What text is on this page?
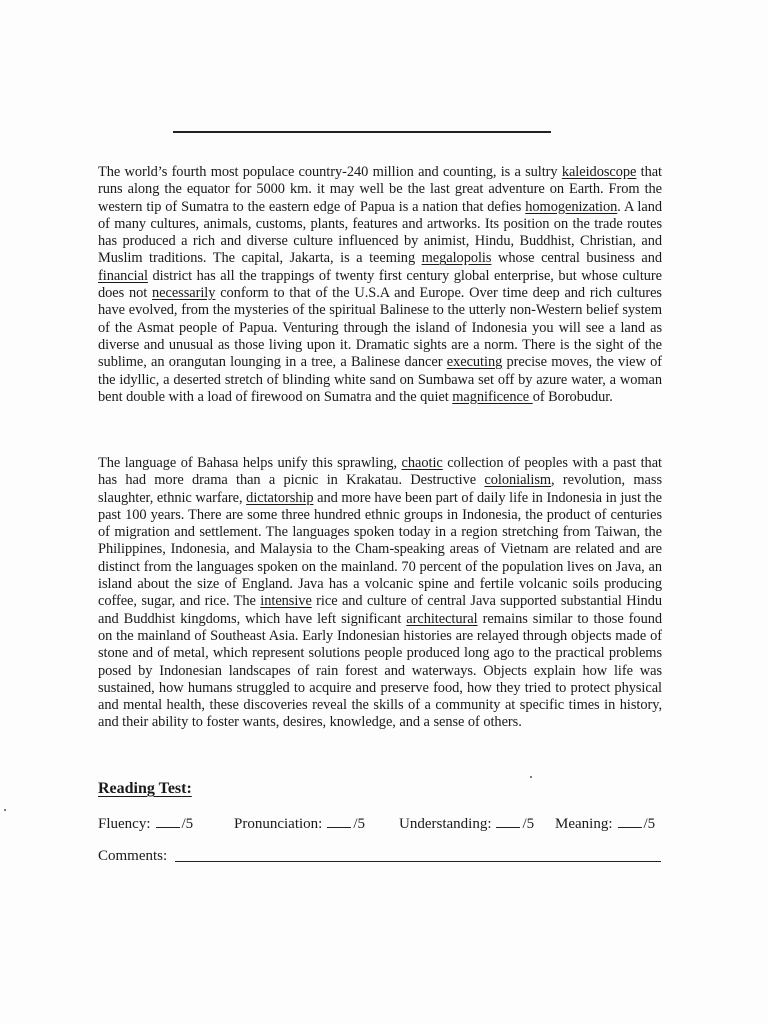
The world’s fourth most populace country-240 million and counting, is a sultry kaleidoscope that runs along the equator for 5000 km. it may well be the last great adventure on Earth. From the western tip of Sumatra to the eastern edge of Papua is a nation that defies homogenization. A land of many cultures, animals, customs, plants, features and artworks. Its position on the trade routes has produced a rich and diverse culture influenced by animist, Hindu, Buddhist, Christian, and Muslim traditions. The capital, Jakarta, is a teeming megalopolis whose central business and financial district has all the trappings of twenty first century global enterprise, but whose culture does not necessarily conform to that of the U.S.A and Europe. Over time deep and rich cultures have evolved, from the mysteries of the spiritual Balinese to the utterly non-Western belief system of the Asmat people of Papua. Venturing through the island of Indonesia you will see a land as diverse and unusual as those living upon it. Dramatic sights are a norm. There is the sight of the sublime, an orangutan lounging in a tree, a Balinese dancer executing precise moves, the view of the idyllic, a deserted stretch of blinding white sand on Sumbawa set off by azure water, a woman bent double with a load of firewood on Sumatra and the quiet magnificence of Borobudur.
The language of Bahasa helps unify this sprawling, chaotic collection of peoples with a past that has had more drama than a picnic in Krakatau. Destructive colonialism, revolution, mass slaughter, ethnic warfare, dictatorship and more have been part of daily life in Indonesia in just the past 100 years. There are some three hundred ethnic groups in Indonesia, the product of centuries of migration and settlement. The languages spoken today in a region stretching from Taiwan, the Philippines, Indonesia, and Malaysia to the Cham-speaking areas of Vietnam are related and are distinct from the languages spoken on the mainland. 70 percent of the population lives on Java, an island about the size of England. Java has a volcanic spine and fertile volcanic soils producing coffee, sugar, and rice. The intensive rice and culture of central Java supported substantial Hindu and Buddhist kingdoms, which have left significant architectural remains similar to those found on the mainland of Southeast Asia. Early Indonesian histories are relayed through objects made of stone and of metal, which represent solutions people produced long ago to the practical problems posed by Indonesian landscapes of rain forest and waterways. Objects explain how life was sustained, how humans struggled to acquire and preserve food, how they tried to protect physical and mental health, these discoveries reveal the skills of a community at specific times in history, and their ability to foster wants, desires, knowledge, and a sense of others.
Reading Test:
Fluency: /5	Pronunciation: /5 Understanding: /5 Meaning: /5
Comments:
